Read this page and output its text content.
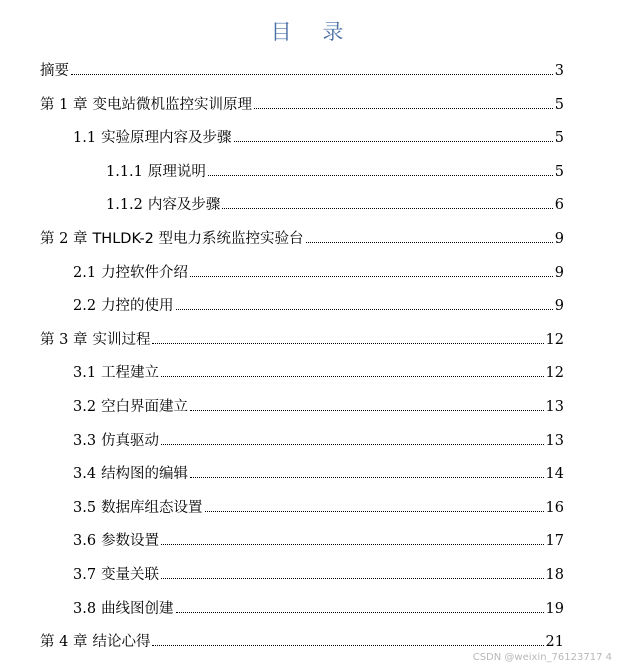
目 录
摘要	3
第 1 章 变电站微机监控实训原理	5
1.1 实验原理内容及步骤	5
1.1.1 原理说明	5
1.1.2 内容及步骤	6
第 2 章 THLDK-2 型电力系统监控实验台	9
2.1 力控软件介绍	9
2.2 力控的使用	9
第 3 章 实训过程	12
3.1 工程建立	12
3.2 空白界面建立	13
3.3 仿真驱动	13
3.4 结构图的编辑	14
3.5 数据库组态设置	16
3.6 参数设置	17
3.7 变量关联	18
3.8 曲线图创建	19
第 4 章 结论心得	21
CSDN @weixin_76123717 4
